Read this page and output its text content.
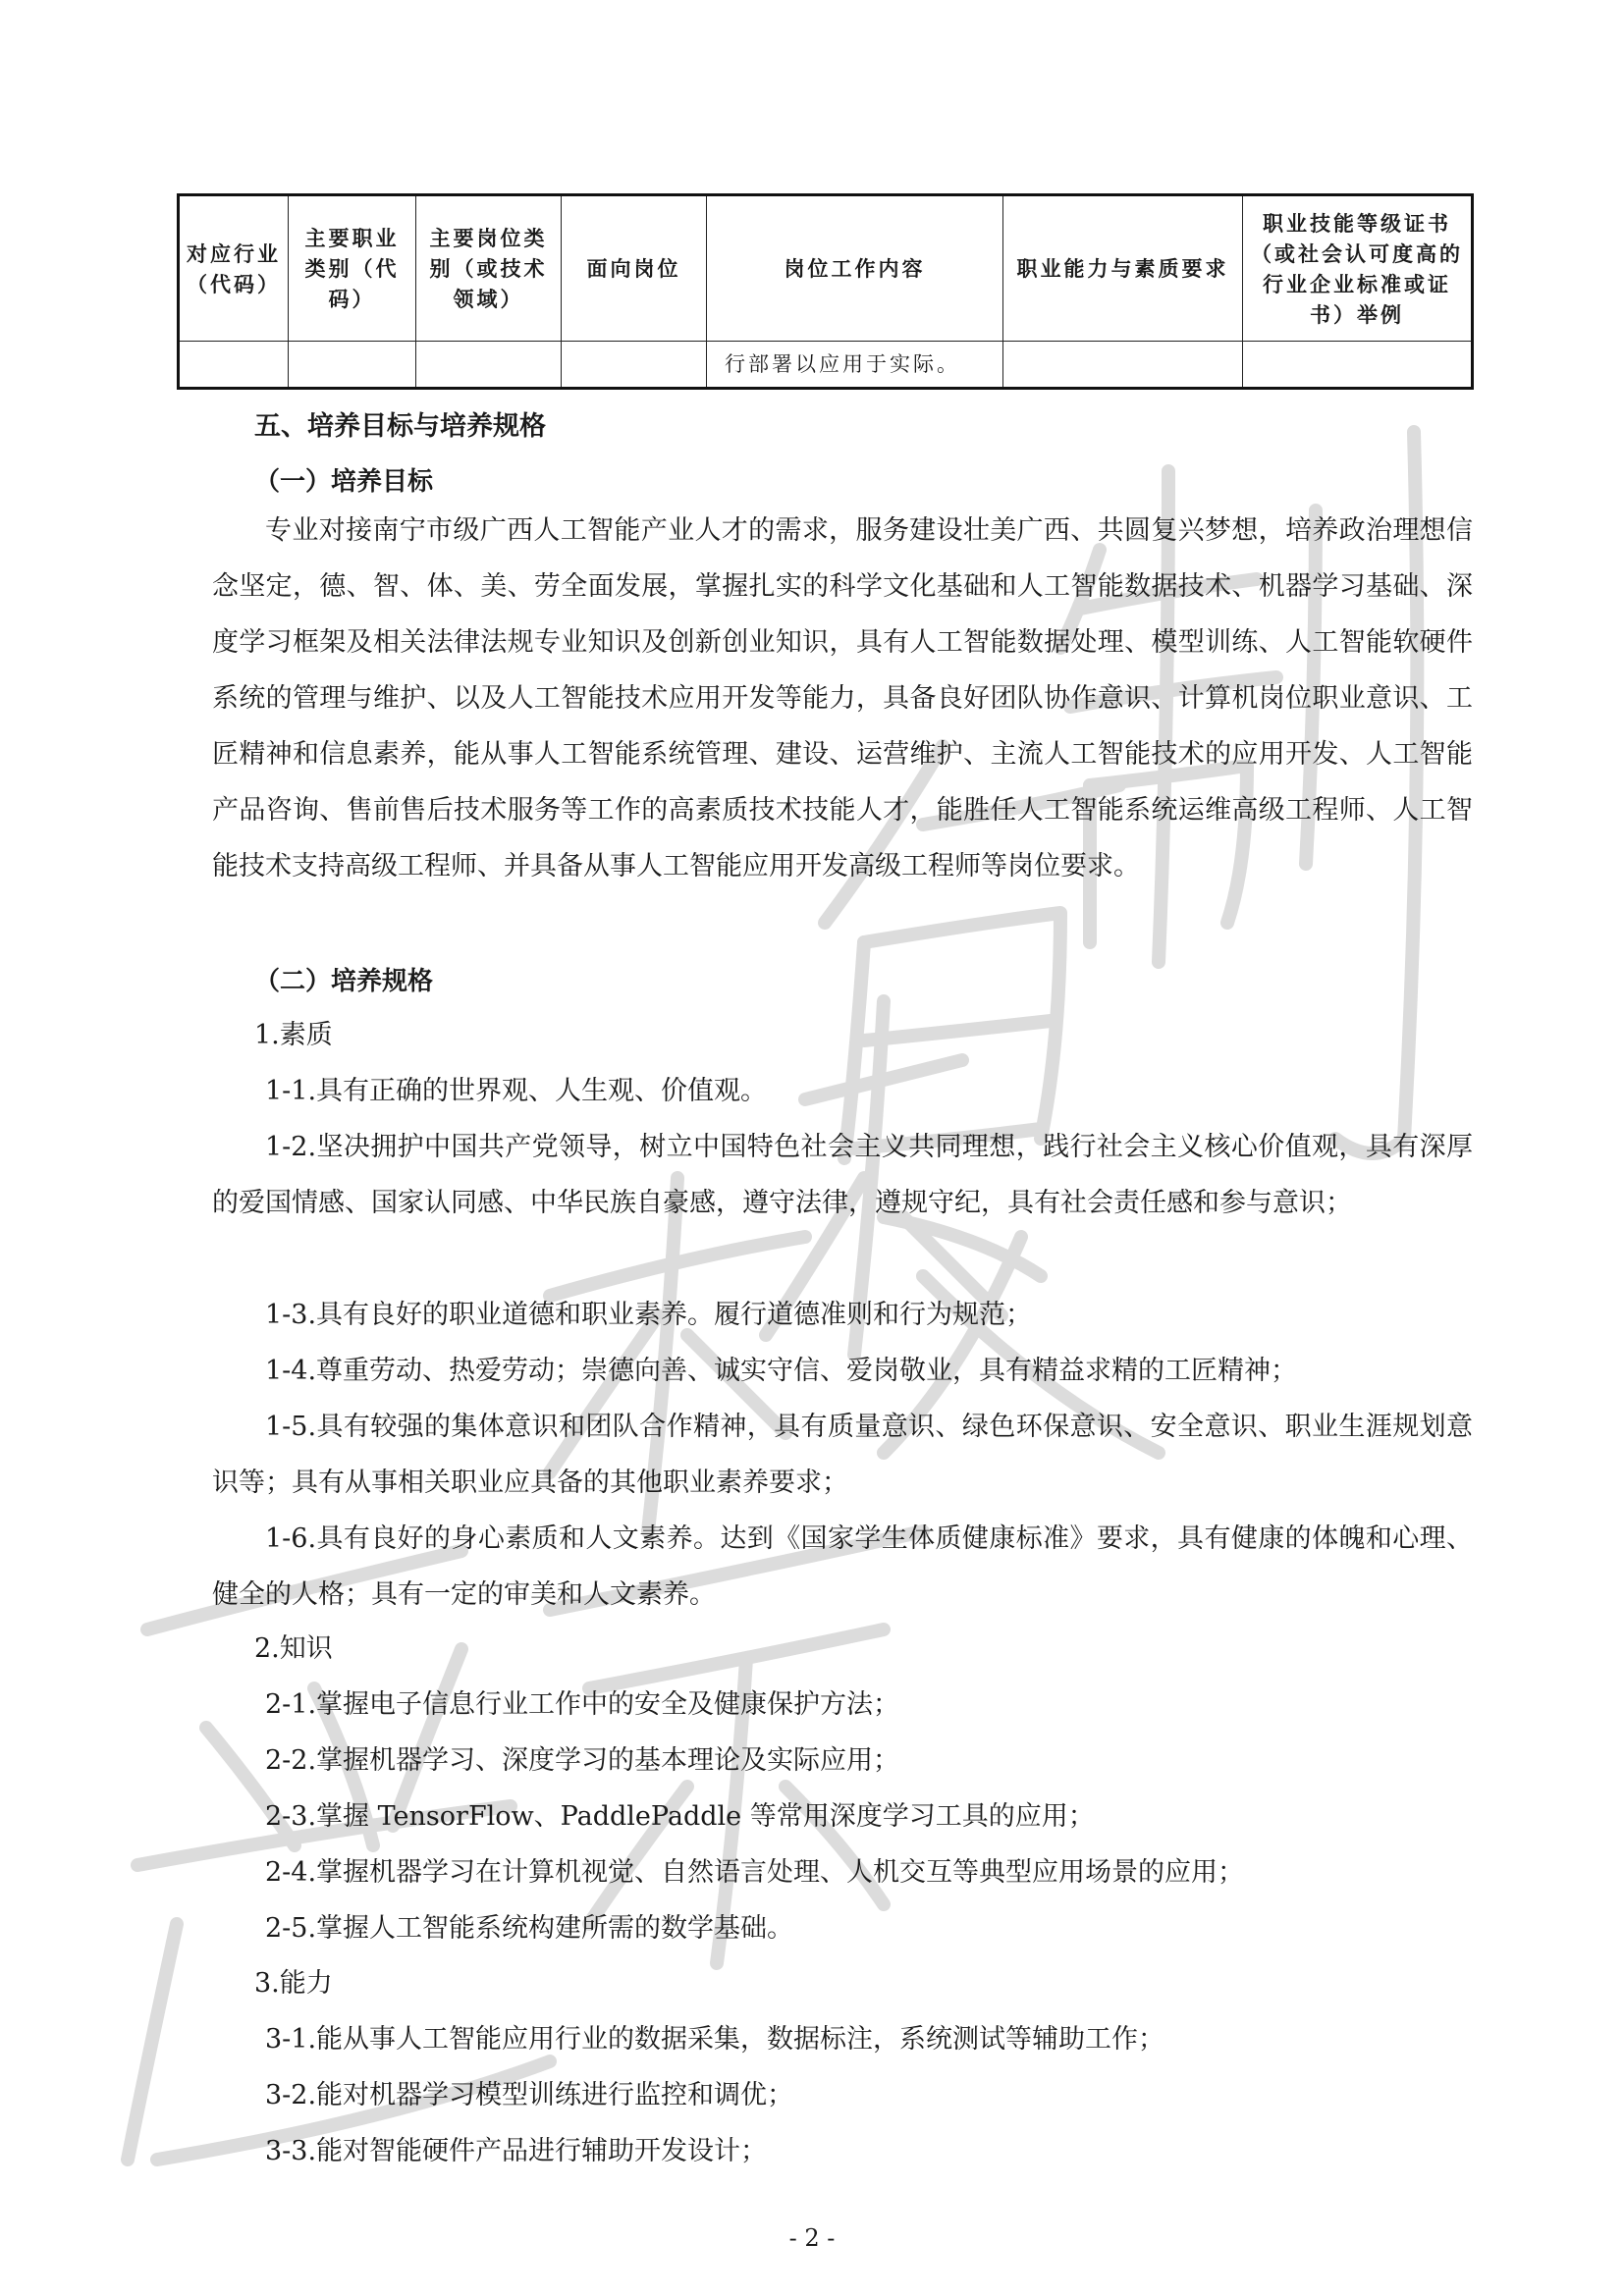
对应行业（代码）	主要职业类别（代码）	主要岗位类别（或技术领域）	面向岗位	岗位工作内容	职业能力与素质要求	职业技能等级证书（或社会认可度高的行业企业标准或证书）举例
				行部署以应用于实际。		
五、培养目标与培养规格
（一）培养目标
专业对接南宁市级广西人工智能产业人才的需求，服务建设壮美广西、共圆复兴梦想，培养政治理想信念坚定，德、智、体、美、劳全面发展，掌握扎实的科学文化基础和人工智能数据技术、机器学习基础、深度学习框架及相关法律法规专业知识及创新创业知识，具有人工智能数据处理、模型训练、人工智能软硬件系统的管理与维护、以及人工智能技术应用开发等能力，具备良好团队协作意识、计算机岗位职业意识、工匠精神和信息素养，能从事人工智能系统管理、建设、运营维护、主流人工智能技术的应用开发、人工智能产品咨询、售前售后技术服务等工作的高素质技术技能人才，能胜任人工智能系统运维高级工程师、人工智能技术支持高级工程师、并具备从事人工智能应用开发高级工程师等岗位要求。
（二）培养规格
1.素质
1-1.具有正确的世界观、人生观、价值观。
1-2.坚决拥护中国共产党领导，树立中国特色社会主义共同理想，践行社会主义核心价值观，具有深厚的爱国情感、国家认同感、中华民族自豪感，遵守法律，遵规守纪，具有社会责任感和参与意识；
1-3.具有良好的职业道德和职业素养。履行道德准则和行为规范；
1-4.尊重劳动、热爱劳动；崇德向善、诚实守信、爱岗敬业，具有精益求精的工匠精神；
1-5.具有较强的集体意识和团队合作精神，具有质量意识、绿色环保意识、安全意识、职业生涯规划意识等；具有从事相关职业应具备的其他职业素养要求；
1-6.具有良好的身心素质和人文素养。达到《国家学生体质健康标准》要求，具有健康的体魄和心理、健全的人格；具有一定的审美和人文素养。
2.知识
2-1.掌握电子信息行业工作中的安全及健康保护方法；
2-2.掌握机器学习、深度学习的基本理论及实际应用；
2-3.掌握 TensorFlow、PaddlePaddle 等常用深度学习工具的应用；
2-4.掌握机器学习在计算机视觉、自然语言处理、人机交互等典型应用场景的应用；
2-5.掌握人工智能系统构建所需的数学基础。
3.能力
3-1.能从事人工智能应用行业的数据采集，数据标注，系统测试等辅助工作；
3-2.能对机器学习模型训练进行监控和调优；
3-3.能对智能硬件产品进行辅助开发设计；
- 2 -
